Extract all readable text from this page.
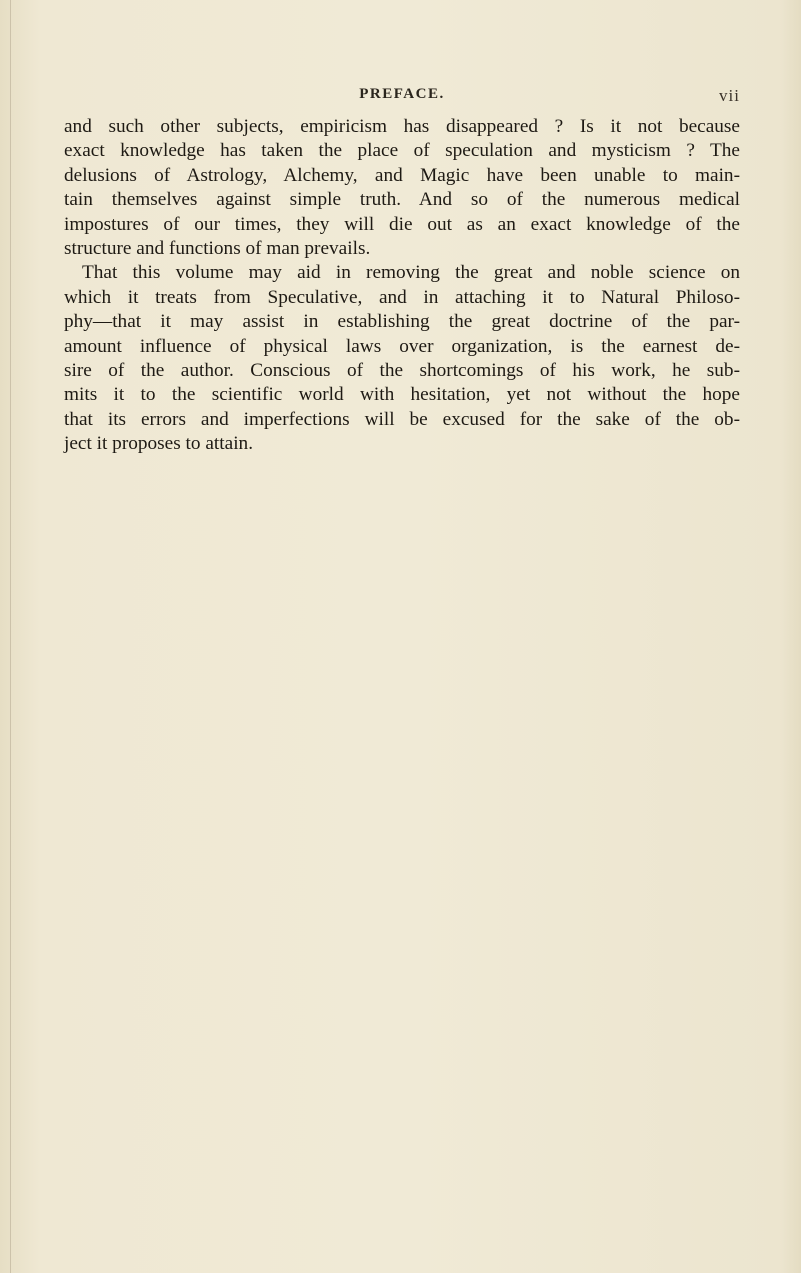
PREFACE.	vii
and such other subjects, empiricism has disappeared ? Is it not because
exact knowledge has taken the place of speculation and mysticism ? The
delusions of Astrology, Alchemy, and Magic have been unable to main-
tain themselves against simple truth. And so of the numerous medical
impostures of our times, they will die out as an exact knowledge of the
structure and functions of man prevails.
That this volume may aid in removing the great and noble science on
which it treats from Speculative, and in attaching it to Natural Philoso-
phy—that it may assist in establishing the great doctrine of the par-
amount influence of physical laws over organization, is the earnest de-
sire of the author. Conscious of the shortcomings of his work, he sub-
mits it to the scientific world with hesitation, yet not without the hope
that its errors and imperfections will be excused for the sake of the ob-
ject it proposes to attain.
